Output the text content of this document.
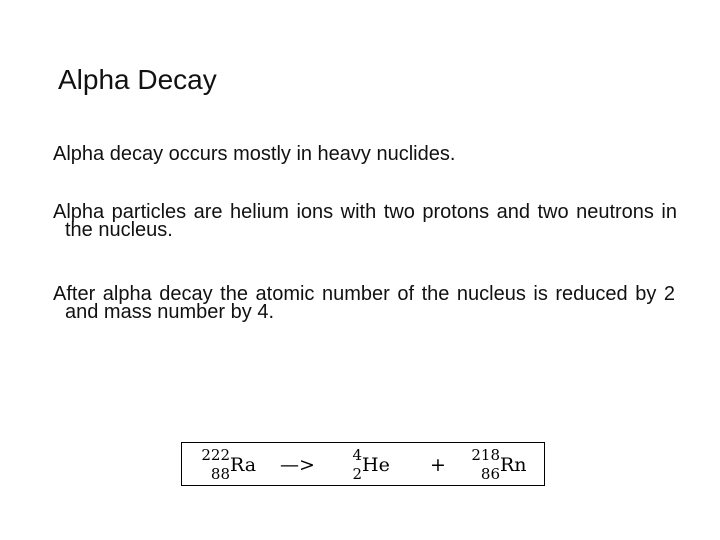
Alpha Decay
Alpha decay occurs mostly in heavy nuclides.
Alpha particles are helium ions with two protons and two neutrons in the nucleus.
After alpha decay the atomic number of the nucleus is reduced by 2 and mass number by 4.
222
88 Ra —>	4
2 He + 218
86 Rn
